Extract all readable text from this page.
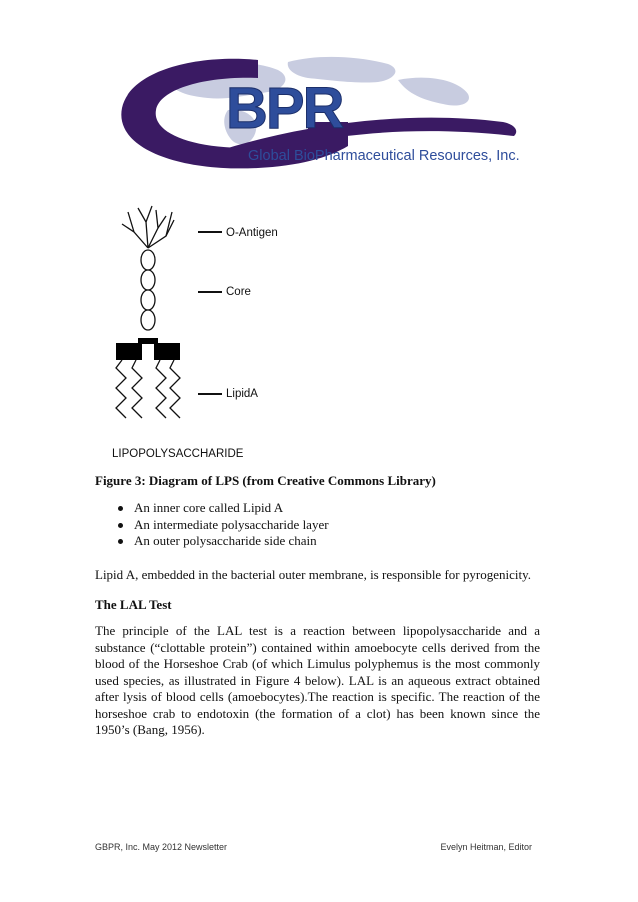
BPR
Global BioPharmaceutical Resources, Inc.
O-Antigen
Core
LipidA
LIPOPOLYSACCHARIDE
Figure 3: Diagram of LPS (from Creative Commons Library)
An inner core called Lipid A
An intermediate polysaccharide layer
An outer polysaccharide side chain
Lipid A, embedded in the bacterial outer membrane, is responsible for pyrogenicity.
The LAL Test
The principle of the LAL test is a reaction between lipopolysaccharide and a substance (“clottable protein”) contained within amoebocyte cells derived from the blood of the Horseshoe Crab (of which Limulus polyphemus is the most commonly used species, as illustrated in Figure 4 below). LAL is an aqueous extract obtained after lysis of blood cells (amoebocytes).The reaction is specific. The reaction of the horseshoe crab to endotoxin (the formation of a clot) has been known since the 1950’s (Bang, 1956).
GBPR, Inc. May 2012 Newsletter	Evelyn Heitman, Editor
